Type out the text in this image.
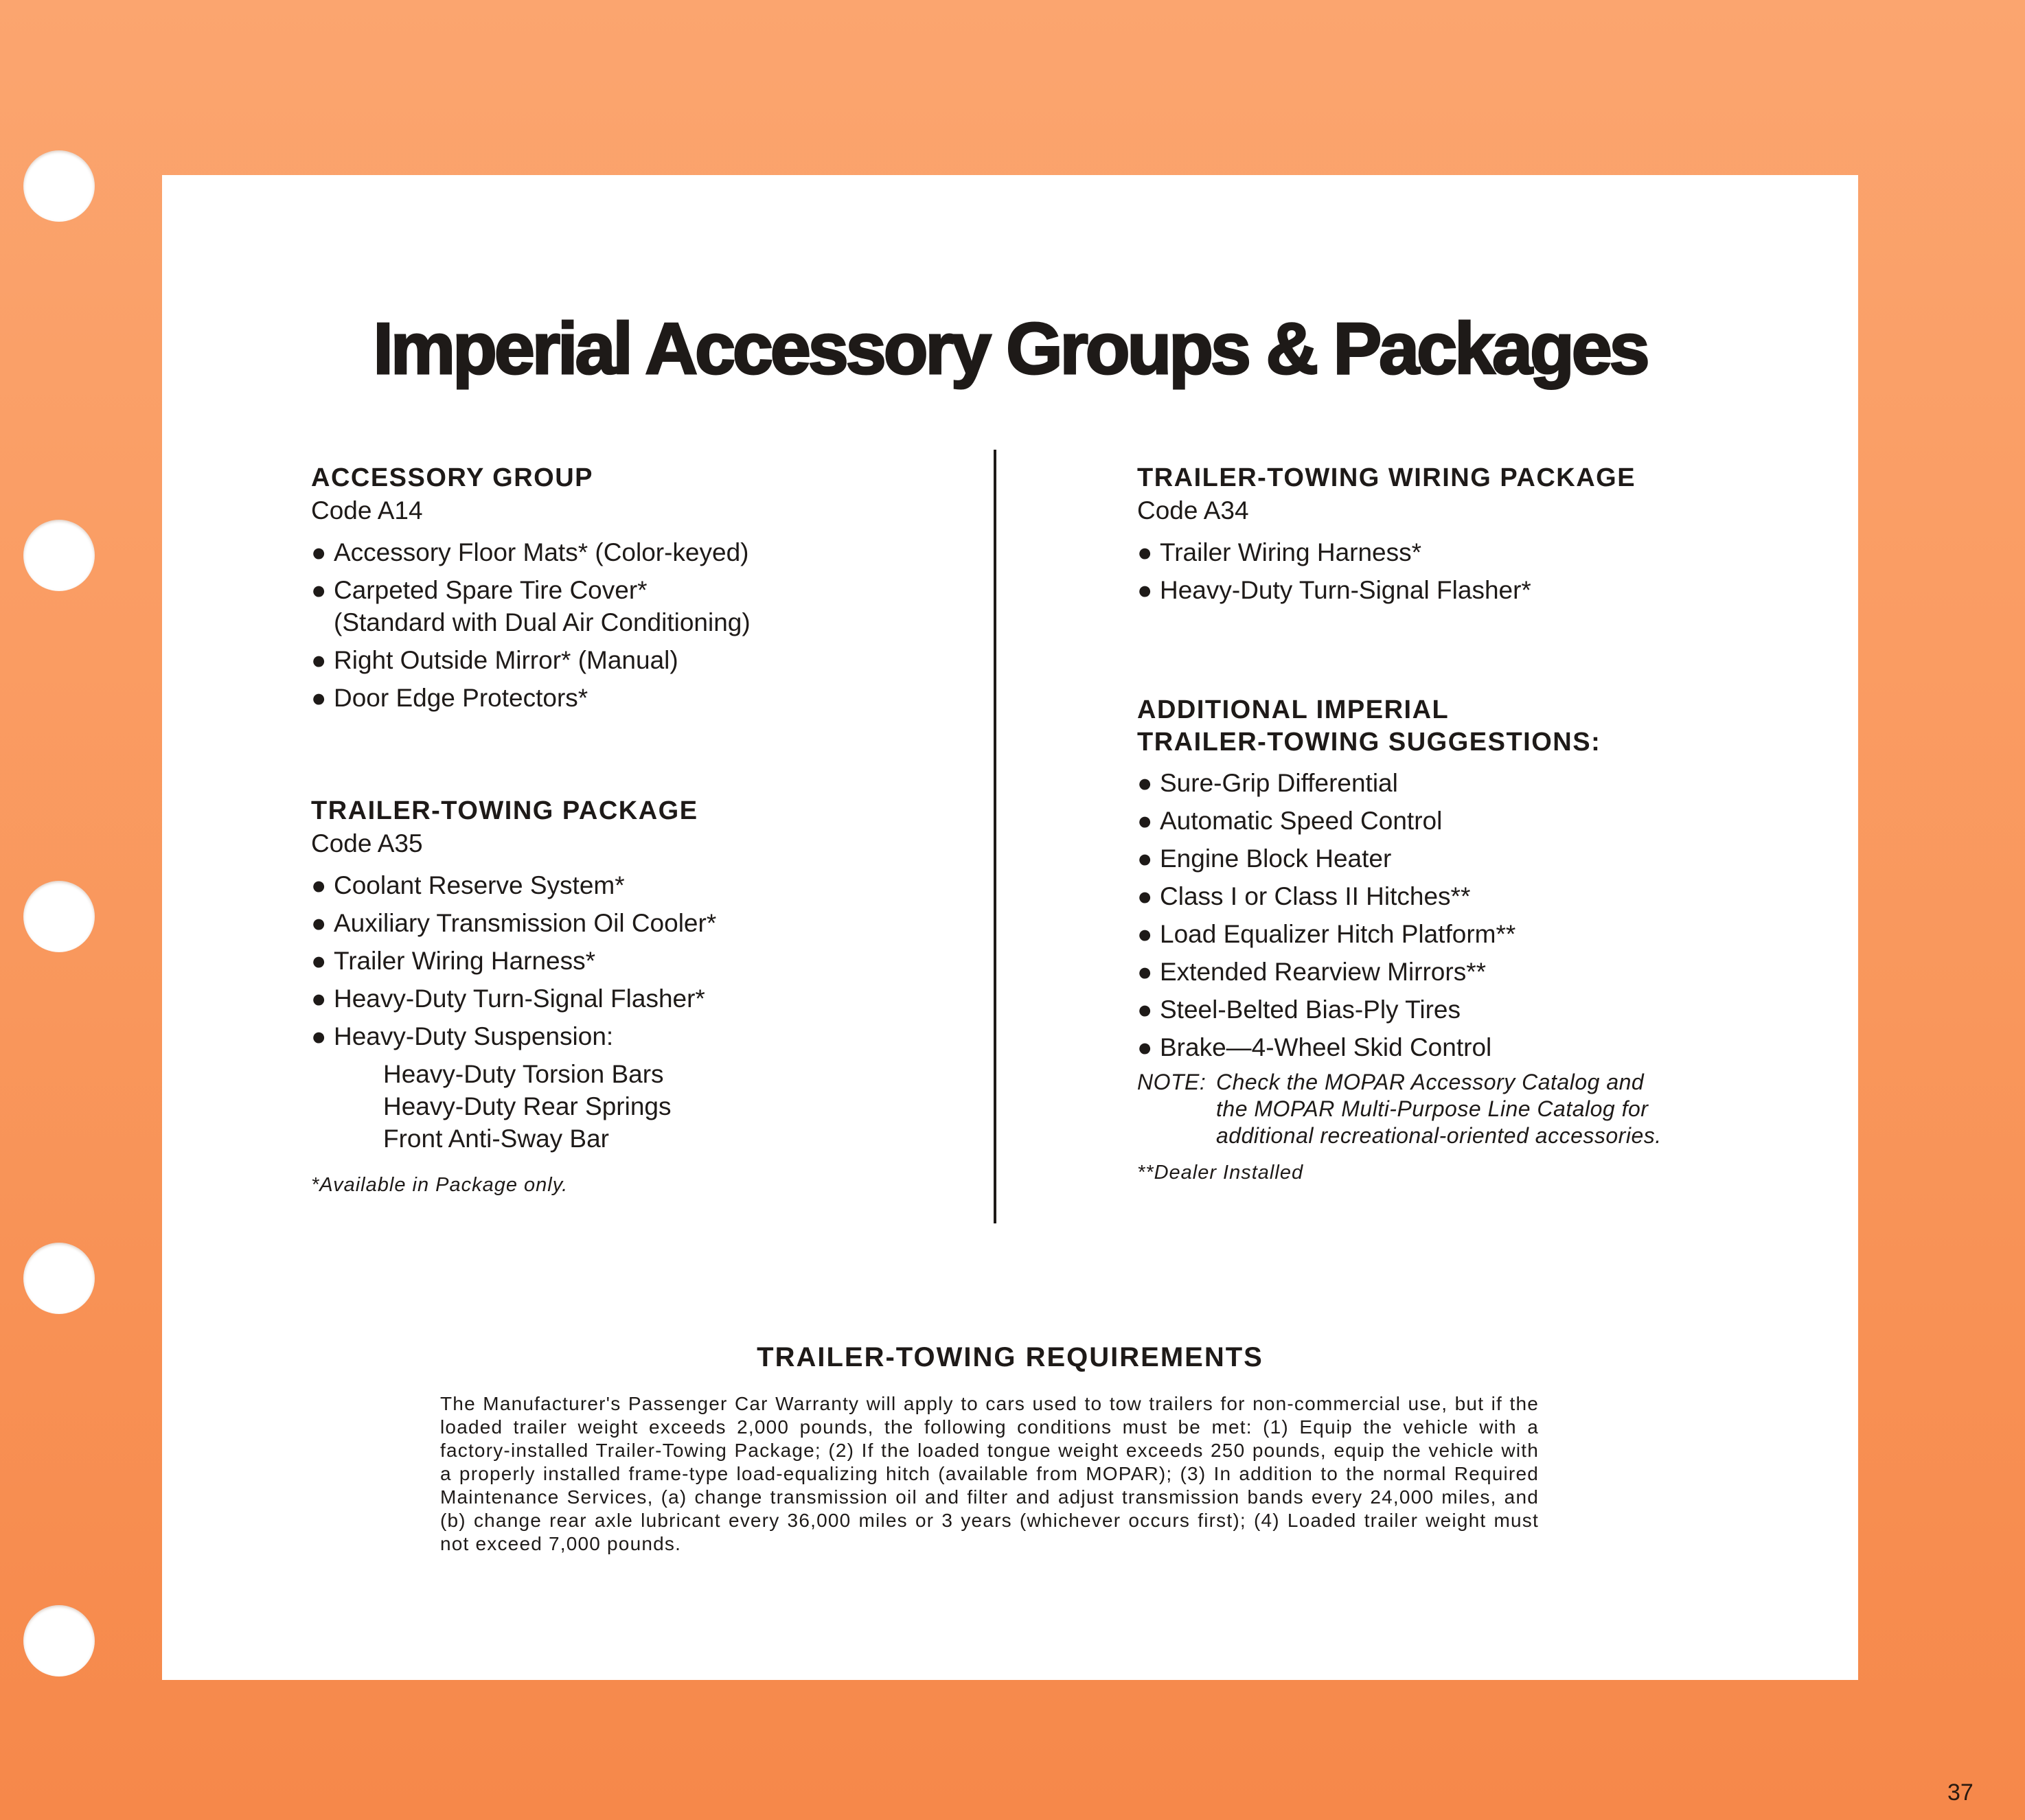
Imperial Accessory Groups & Packages
ACCESSORY GROUP

Code A14

● Accessory Floor Mats* (Color-keyed)
● Carpeted Spare Tire Cover*
(Standard with Dual Air Conditioning)
● Right Outside Mirror* (Manual)
● Door Edge Protectors*
TRAILER-TOWING PACKAGE

Code A35

● Coolant Reserve System*
● Auxiliary Transmission Oil Cooler*
● Trailer Wiring Harness*
● Heavy-Duty Turn-Signal Flasher*
● Heavy-Duty Suspension:
Heavy-Duty Torsion Bars
Heavy-Duty Rear Springs
Front Anti-Sway Bar
*Available in Package only.
TRAILER-TOWING WIRING PACKAGE

Code A34

● Trailer Wiring Harness*
● Heavy-Duty Turn-Signal Flasher*
ADDITIONAL IMPERIAL
TRAILER-TOWING SUGGESTIONS:
● Sure-Grip Differential
● Automatic Speed Control
● Engine Block Heater
● Class I or Class II Hitches**
● Load Equalizer Hitch Platform**
● Extended Rearview Mirrors**
● Steel-Belted Bias-Ply Tires
● Brake—4-Wheel Skid Control
NOTE: Check the MOPAR Accessory Catalog and
the MOPAR Multi-Purpose Line Catalog for
additional recreational-oriented accessories.
**Dealer Installed
TRAILER-TOWING REQUIREMENTS

The Manufacturer's Passenger Car Warranty will apply to cars used to tow trailers for non-commercial use, but if the loaded trailer weight exceeds 2,000 pounds, the following conditions must be met: (1) Equip the vehicle with a factory-installed Trailer-Towing Package; (2) If the loaded tongue weight exceeds 250 pounds, equip the vehicle with a properly installed frame-type load-equalizing hitch (available from MOPAR); (3) In addition to the normal Required Maintenance Services, (a) change transmission oil and filter and adjust transmission bands every 24,000 miles, and (b) change rear axle lubricant every 36,000 miles or 3 years (whichever occurs first); (4) Loaded trailer weight must not exceed 7,000 pounds.

37
